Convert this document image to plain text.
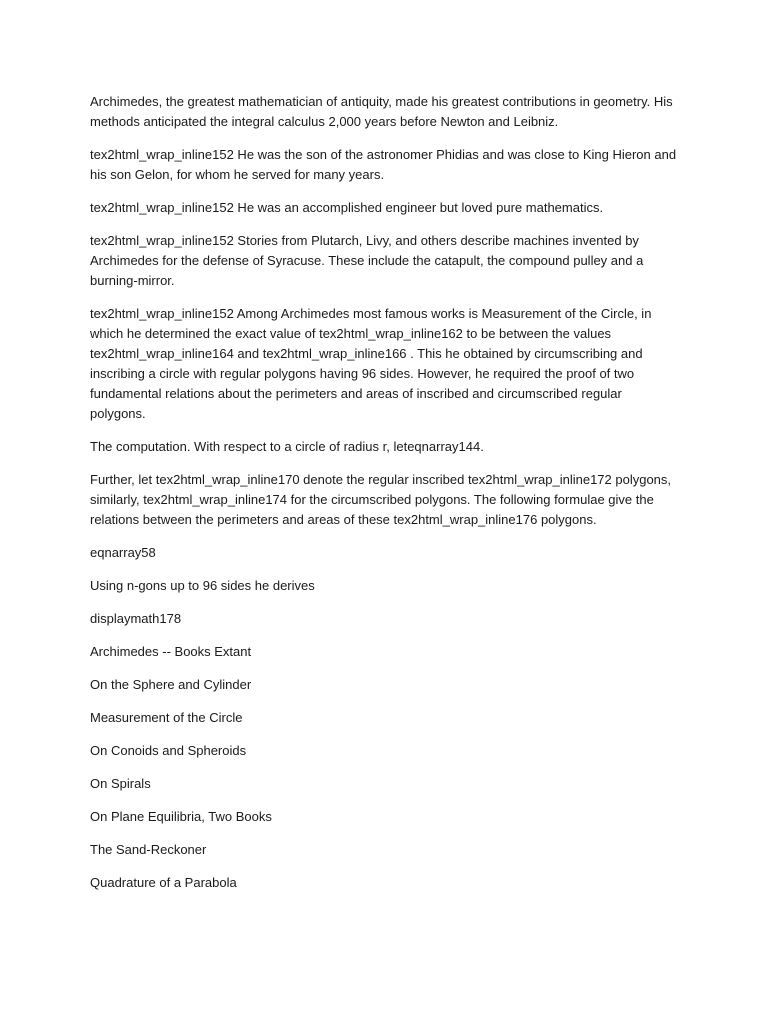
Archimedes, the greatest mathematician of antiquity, made his greatest contributions in geometry. His methods anticipated the integral calculus 2,000 years before Newton and Leibniz.

tex2html_wrap_inline152 He was the son of the astronomer Phidias and was close to King Hieron and his son Gelon, for whom he served for many years.

tex2html_wrap_inline152 He was an accomplished engineer but loved pure mathematics.

tex2html_wrap_inline152 Stories from Plutarch, Livy, and others describe machines invented by Archimedes for the defense of Syracuse. These include the catapult, the compound pulley and a burning-mirror.

tex2html_wrap_inline152 Among Archimedes most famous works is Measurement of the Circle, in which he determined the exact value of tex2html_wrap_inline162 to be between the values tex2html_wrap_inline164 and tex2html_wrap_inline166 . This he obtained by circumscribing and inscribing a circle with regular polygons having 96 sides. However, he required the proof of two fundamental relations about the perimeters and areas of inscribed and circumscribed regular polygons.

The computation. With respect to a circle of radius r, leteqnarray144.

Further, let tex2html_wrap_inline170 denote the regular inscribed tex2html_wrap_inline172 polygons, similarly, tex2html_wrap_inline174 for the circumscribed polygons. The following formulae give the relations between the perimeters and areas of these tex2html_wrap_inline176 polygons.

eqnarray58

Using n-gons up to 96 sides he derives

displaymath178

Archimedes -- Books Extant

On the Sphere and Cylinder

Measurement of the Circle

On Conoids and Spheroids

On Spirals

On Plane Equilibria, Two Books

The Sand-Reckoner

Quadrature of a Parabola
